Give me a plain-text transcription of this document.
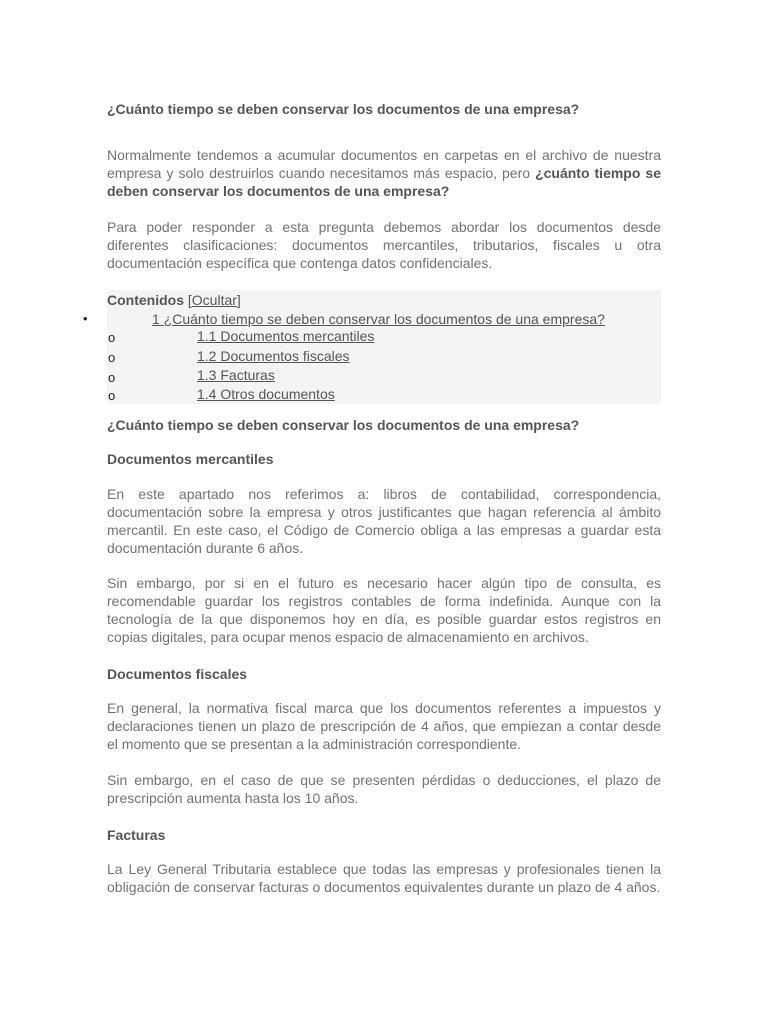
¿Cuánto tiempo se deben conservar los documentos de una empresa?

Normalmente tendemos a acumular documentos en carpetas en el archivo de nuestra empresa y solo destruirlos cuando necesitamos más espacio, pero ¿cuánto tiempo se deben conservar los documentos de una empresa?

Para poder responder a esta pregunta debemos abordar los documentos desde diferentes clasificaciones: documentos mercantiles, tributarios, fiscales u otra documentación específica que contenga datos confidenciales.

Contenidos [Ocultar]
•	1 ¿Cuánto tiempo se deben conservar los documentos de una empresa?
o	1.1 Documentos mercantiles
o	1.2 Documentos fiscales
o	1.3 Facturas
o	1.4 Otros documentos
¿Cuánto tiempo se deben conservar los documentos de una empresa?
Documentos mercantiles

En este apartado nos referimos a: libros de contabilidad, correspondencia, documentación sobre la empresa y otros justificantes que hagan referencia al ámbito mercantil. En este caso, el Código de Comercio obliga a las empresas a guardar esta documentación durante 6 años.

Sin embargo, por si en el futuro es necesario hacer algún tipo de consulta, es recomendable guardar los registros contables de forma indefinida. Aunque con la tecnología de la que disponemos hoy en día, es posible guardar estos registros en copias digitales, para ocupar menos espacio de almacenamiento en archivos.

Documentos fiscales

En general, la normativa fiscal marca que los documentos referentes a impuestos y declaraciones tienen un plazo de prescripción de 4 años, que empiezan a contar desde el momento que se presentan a la administración correspondiente.

Sin embargo, en el caso de que se presenten pérdidas o deducciones, el plazo de prescripción aumenta hasta los 10 años.

Facturas

La Ley General Tributaria establece que todas las empresas y profesionales tienen la obligación de conservar facturas o documentos equivalentes durante un plazo de 4 años.
